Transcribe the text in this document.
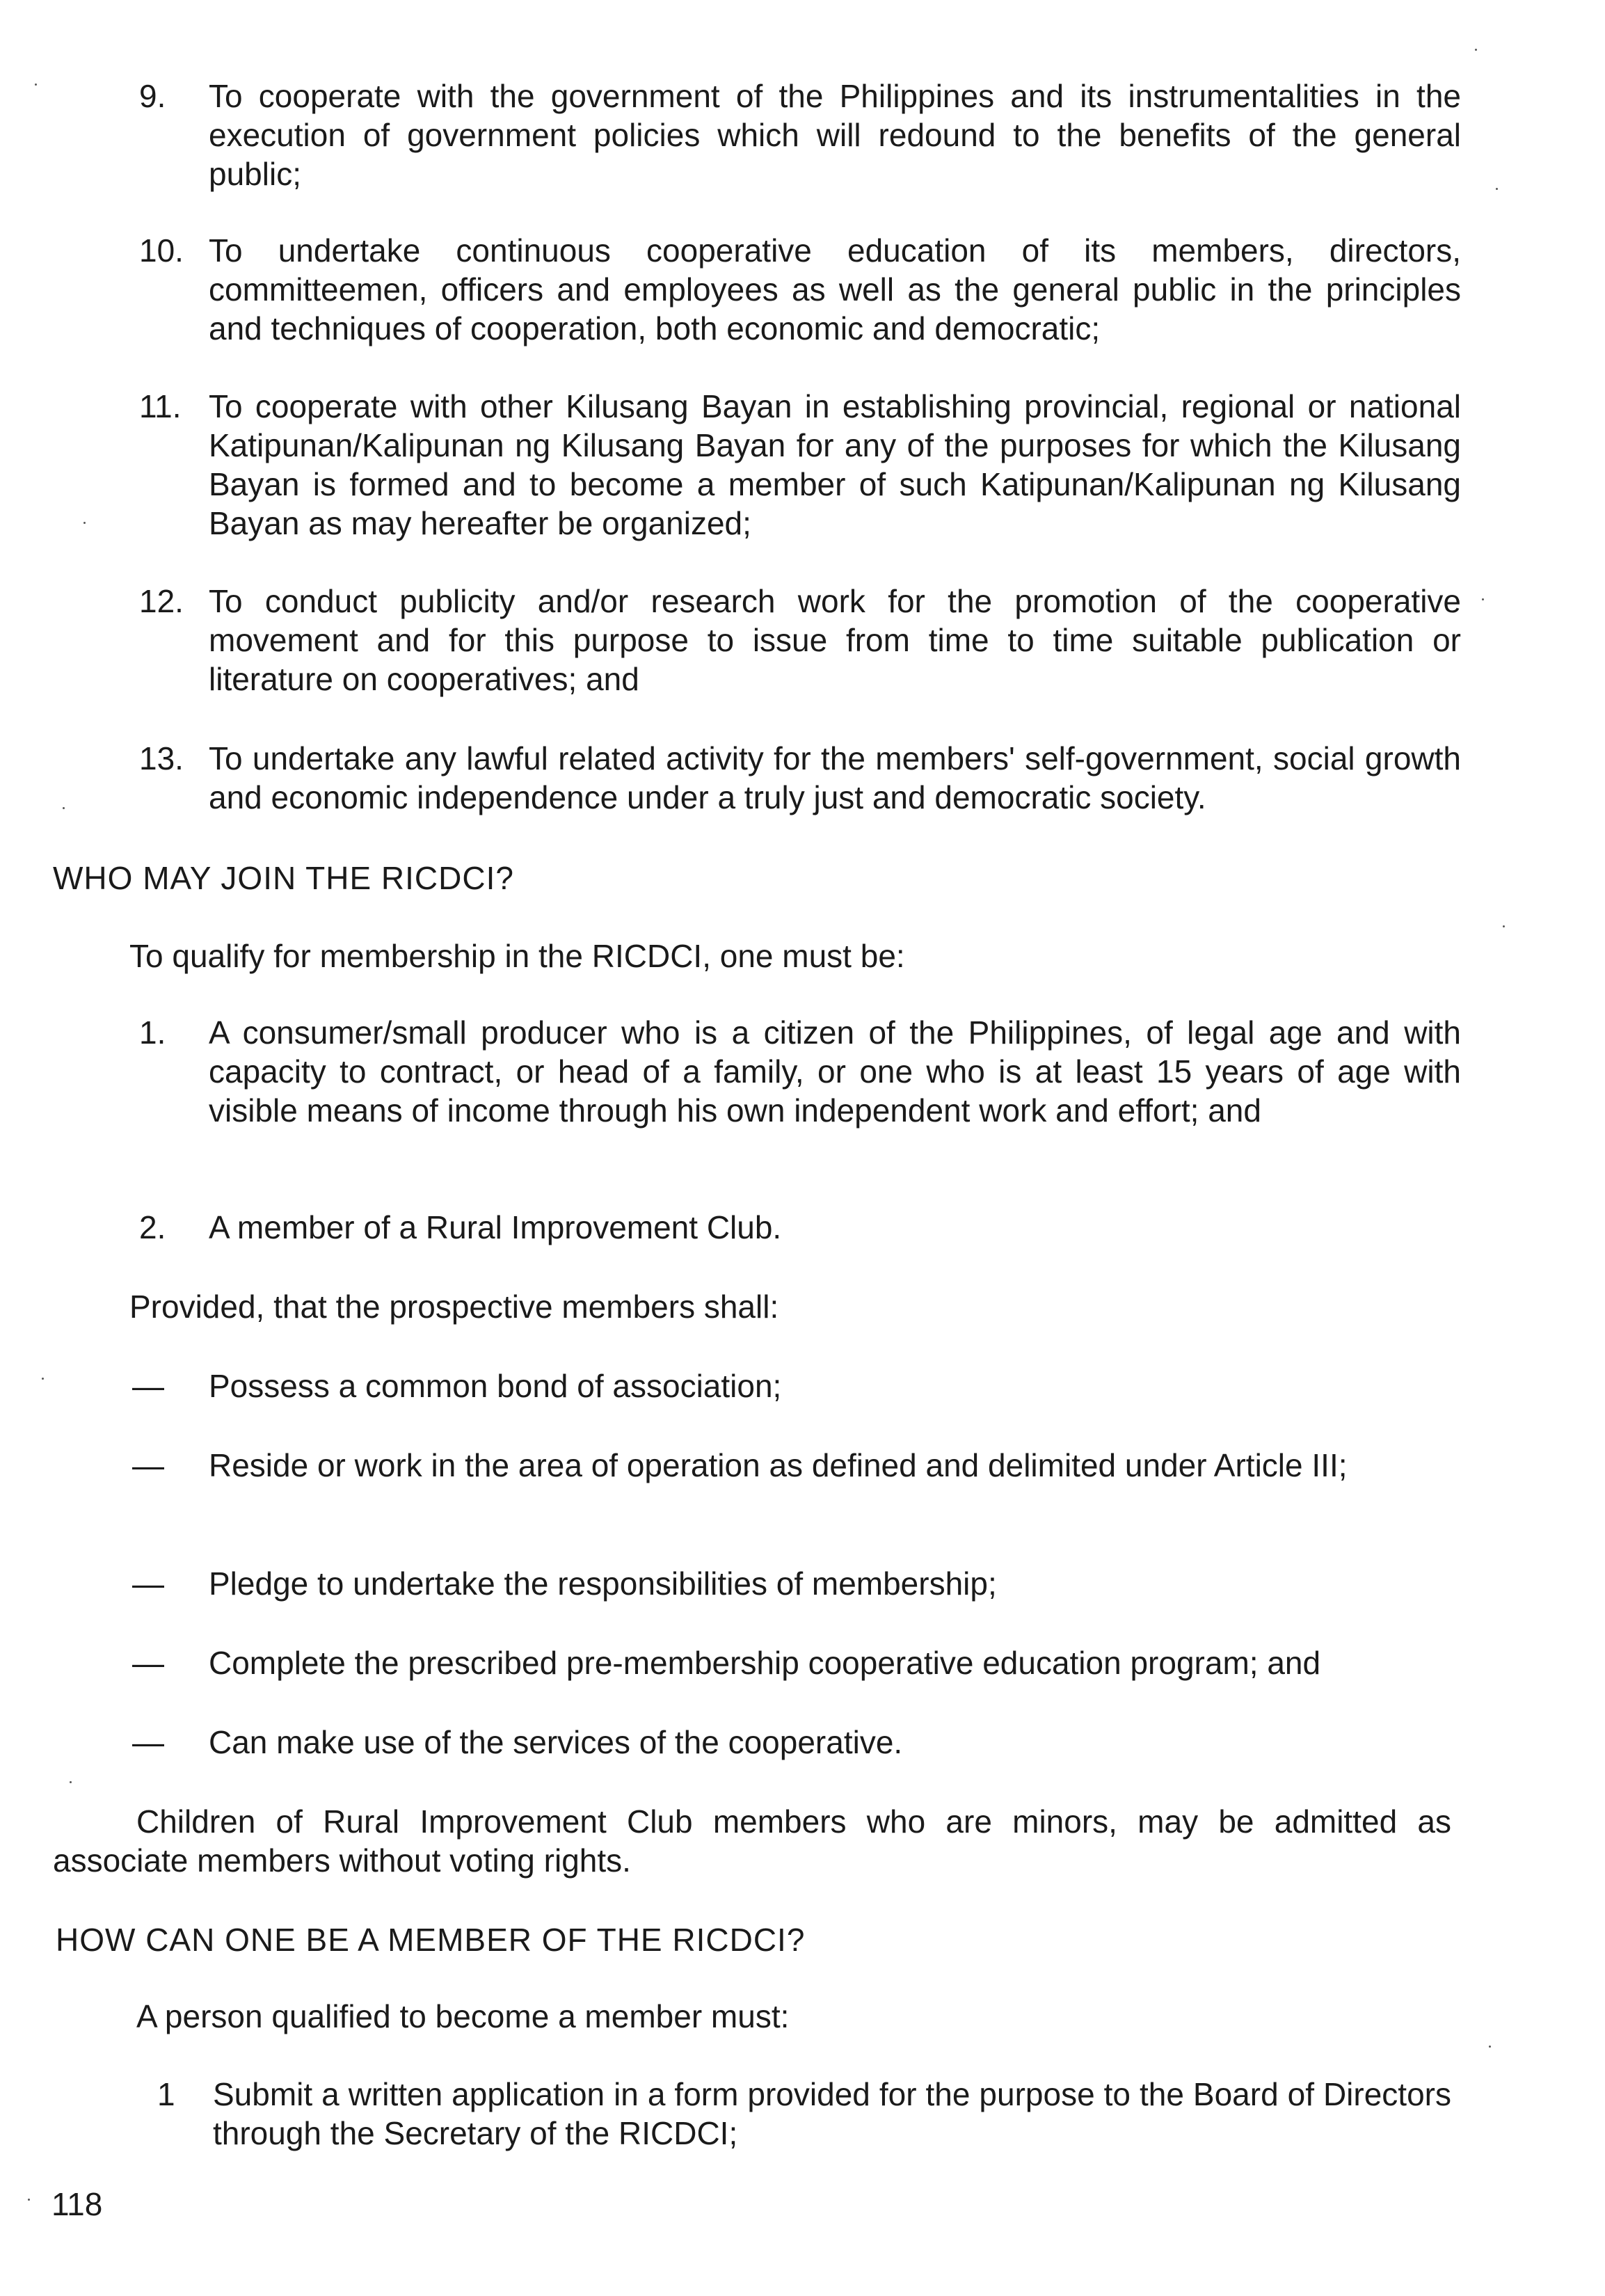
9.	To cooperate with the government of the Philippines and its instrumentalities in the execution of government policies which will redound to the benefits of the general public;
10. To undertake continuous cooperative education of its members, directors, committeemen, officers and employees as well as the general public in the principles and techniques of cooperation, both economic and democratic;
11. To cooperate with other Kilusang Bayan in establishing provincial, regional or national Katipunan/Kalipunan ng Kilusang Bayan for any of the purposes for which the Kilusang Bayan is formed and to become a member of such Katipunan/Kalipunan ng Kilusang Bayan as may hereafter be organized;
12. To conduct publicity and/or research work for the promotion of the cooperative movement and for this purpose to issue from time to time suitable publication or literature on cooperatives; and
13. To undertake any lawful related activity for the members' self-government, social growth and economic independence under a truly just and democratic society.
WHO MAY JOIN THE RICDCI?
To qualify for membership in the RICDCI, one must be:
1.	A consumer/small producer who is a citizen of the Philippines, of legal age and with capacity to contract, or head of a family, or one who is at least 15 years of age with visible means of income through his own independent work and effort; and
2.	A member of a Rural Improvement Club.
Provided, that the prospective members shall:
—	Possess a common bond of association;
—	Reside or work in the area of operation as defined and delimited under Article III;
—	Pledge to undertake the responsibilities of membership;
—	Complete the prescribed pre-membership cooperative education program; and
—	Can make use of the services of the cooperative.
Children of Rural Improvement Club members who are minors, may be admitted as associate members without voting rights.
HOW CAN ONE BE A MEMBER OF THE RICDCI?
A person qualified to become a member must:
1	Submit a written application in a form provided for the purpose to the Board of Directors through the Secretary of the RICDCI;
118
